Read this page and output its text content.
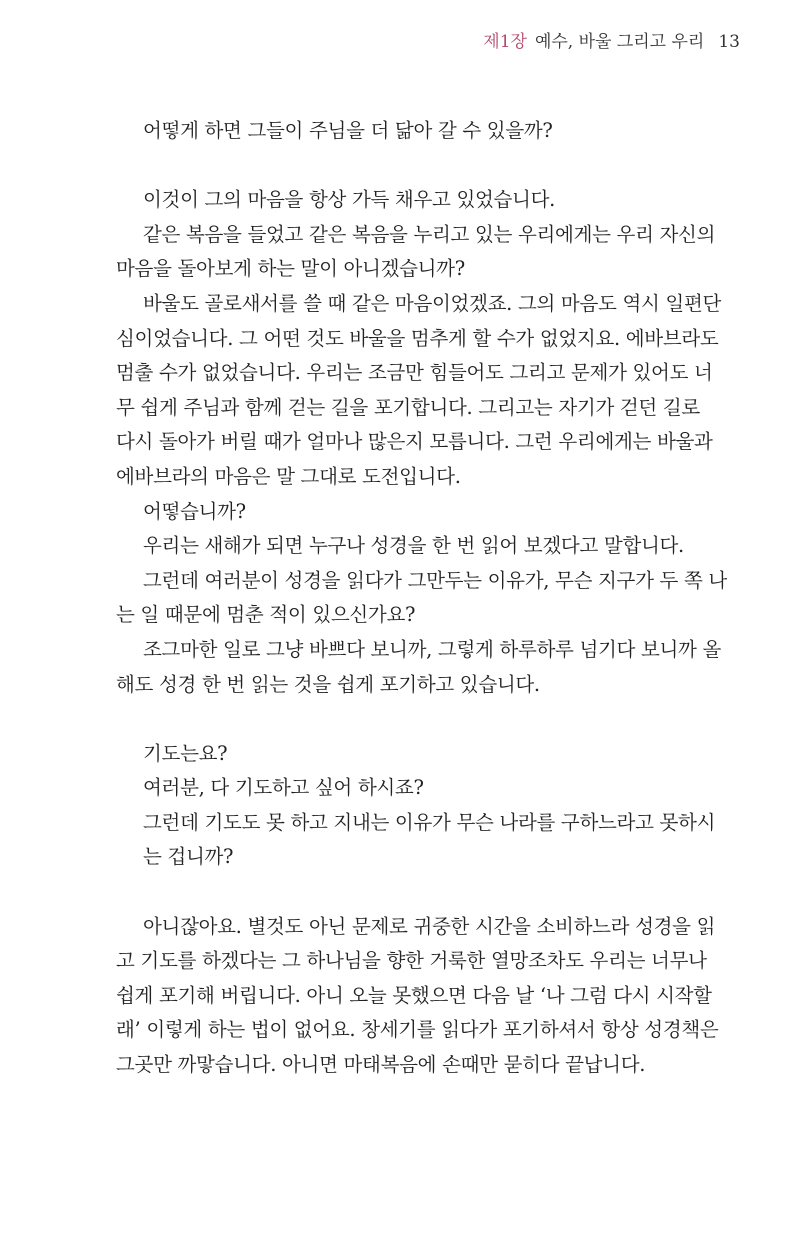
제1장 예수, 바울 그리고 우리 13
어떻게 하면 그들이 주님을 더 닮아 갈 수 있을까?
이것이 그의 마음을 항상 가득 채우고 있었습니다.
같은 복음을 들었고 같은 복음을 누리고 있는 우리에게는 우리 자신의
마음을 돌아보게 하는 말이 아니겠습니까?
바울도 골로새서를 쓸 때 같은 마음이었겠죠. 그의 마음도 역시 일편단
심이었습니다. 그 어떤 것도 바울을 멈추게 할 수가 없었지요. 에바브라도
멈출 수가 없었습니다. 우리는 조금만 힘들어도 그리고 문제가 있어도 너
무 쉽게 주님과 함께 걷는 길을 포기합니다. 그리고는 자기가 걷던 길로
다시 돌아가 버릴 때가 얼마나 많은지 모릅니다. 그런 우리에게는 바울과
에바브라의 마음은 말 그대로 도전입니다.
어떻습니까?
우리는 새해가 되면 누구나 성경을 한 번 읽어 보겠다고 말합니다.
그런데 여러분이 성경을 읽다가 그만두는 이유가, 무슨 지구가 두 쪽 나
는 일 때문에 멈춘 적이 있으신가요?
조그마한 일로 그냥 바쁘다 보니까, 그렇게 하루하루 넘기다 보니까 올
해도 성경 한 번 읽는 것을 쉽게 포기하고 있습니다.
기도는요?
여러분, 다 기도하고 싶어 하시죠?
그런데 기도도 못 하고 지내는 이유가 무슨 나라를 구하느라고 못하시
는 겁니까?
아니잖아요. 별것도 아닌 문제로 귀중한 시간을 소비하느라 성경을 읽
고 기도를 하겠다는 그 하나님을 향한 거룩한 열망조차도 우리는 너무나
쉽게 포기해 버립니다. 아니 오늘 못했으면 다음 날 ‘나 그럼 다시 시작할
래’ 이렇게 하는 법이 없어요. 창세기를 읽다가 포기하셔서 항상 성경책은
그곳만 까맣습니다. 아니면 마태복음에 손때만 묻히다 끝납니다.
